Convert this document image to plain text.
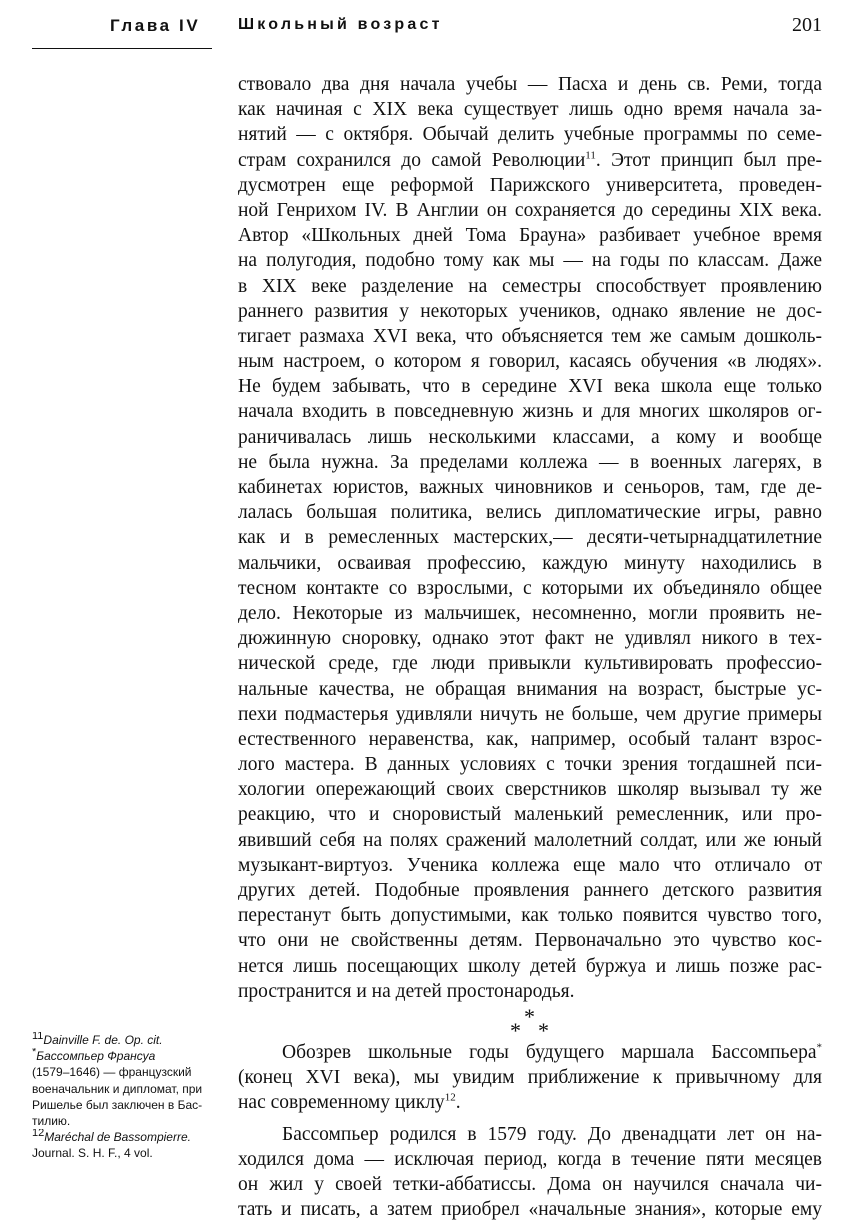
Глава IV Школьный возраст	201
ствовало два дня начала учебы — Пасха и день св. Реми, тогда
как начиная с XIX века существует лишь одно время начала за-
нятий — с октября. Обычай делить учебные программы по семе-
страм сохранился до самой Революции$^{11}$. Этот принцип был пре-
дусмотрен еще реформой Парижского университета, проведен-
ной Генрихом IV. В Англии он сохраняется до середины XIX века.
Автор «Школьных дней Тома Брауна» разбивает учебное время
на полугодия, подобно тому как мы — на годы по классам. Даже
в XIX веке разделение на семестры способствует проявлению
раннего развития у некоторых учеников, однако явление не дос-
тигает размаха XVI века, что объясняется тем же самым дошколь-
ным настроем, о котором я говорил, касаясь обучения «в людях».
Не будем забывать, что в середине XVI века школа еще только
начала входить в повседневную жизнь и для многих школяров ог-
раничивалась лишь несколькими классами, а кому и вообще
не была нужна. За пределами коллежа — в военных лагерях, в
кабинетах юристов, важных чиновников и сеньоров, там, где де-
лалась большая политика, велись дипломатические игры, равно
как и в ремесленных мастерских,— десяти-четырнадцатилетние
мальчики, осваивая профессию, каждую минуту находились в
тесном контакте со взрослыми, с которыми их объединяло общее
дело. Некоторые из мальчишек, несомненно, могли проявить не-
дюжинную сноровку, однако этот факт не удивлял никого в тех-
нической среде, где люди привыкли культивировать профессио-
нальные качества, не обращая внимания на возраст, быстрые ус-
пехи подмастерья удивляли ничуть не больше, чем другие примеры
естественного неравенства, как, например, особый талант взрос-
лого мастера. В данных условиях с точки зрения тогдашней пси-
хологии опережающий своих сверстников школяр вызывал ту же
реакцию, что и сноровистый маленький ремесленник, или про-
явивший себя на полях сражений малолетний солдат, или же юный
музыкант-виртуоз. Ученика коллежа еще мало что отличало от
других детей. Подобные проявления раннего детского развития
перестанут быть допустимыми, как только появится чувство того,
что они не свойственны детям. Первоначально это чувство кос-
нется лишь посещающих школу детей буржуа и лишь позже рас-
пространится и на детей простонародья.
*
* *
Обозрев школьные годы будущего маршала Бассомпьера*
(конец XVI века), мы увидим приближение к привычному для
нас современному циклу$^{12}$.
Бассомпьер родился в 1579 году. До двенадцати лет он на-
ходился дома — исключая период, когда в течение пяти месяцев
он жил у своей тетки-аббатиссы. Дома он научился сначала чи-
тать и писать, а затем приобрел «начальные знания», которые ему
$^{11}$Dainville F. de. Op. cit.
*Бассомпьер Франсуа
(1579–1646) — французский
военачальник и дипломат, при
Ришелье был заключен в Бас-
тилию.
$^{12}$Maréchal de Bassompierre.
Journal. S. H. F., 4 vol.
